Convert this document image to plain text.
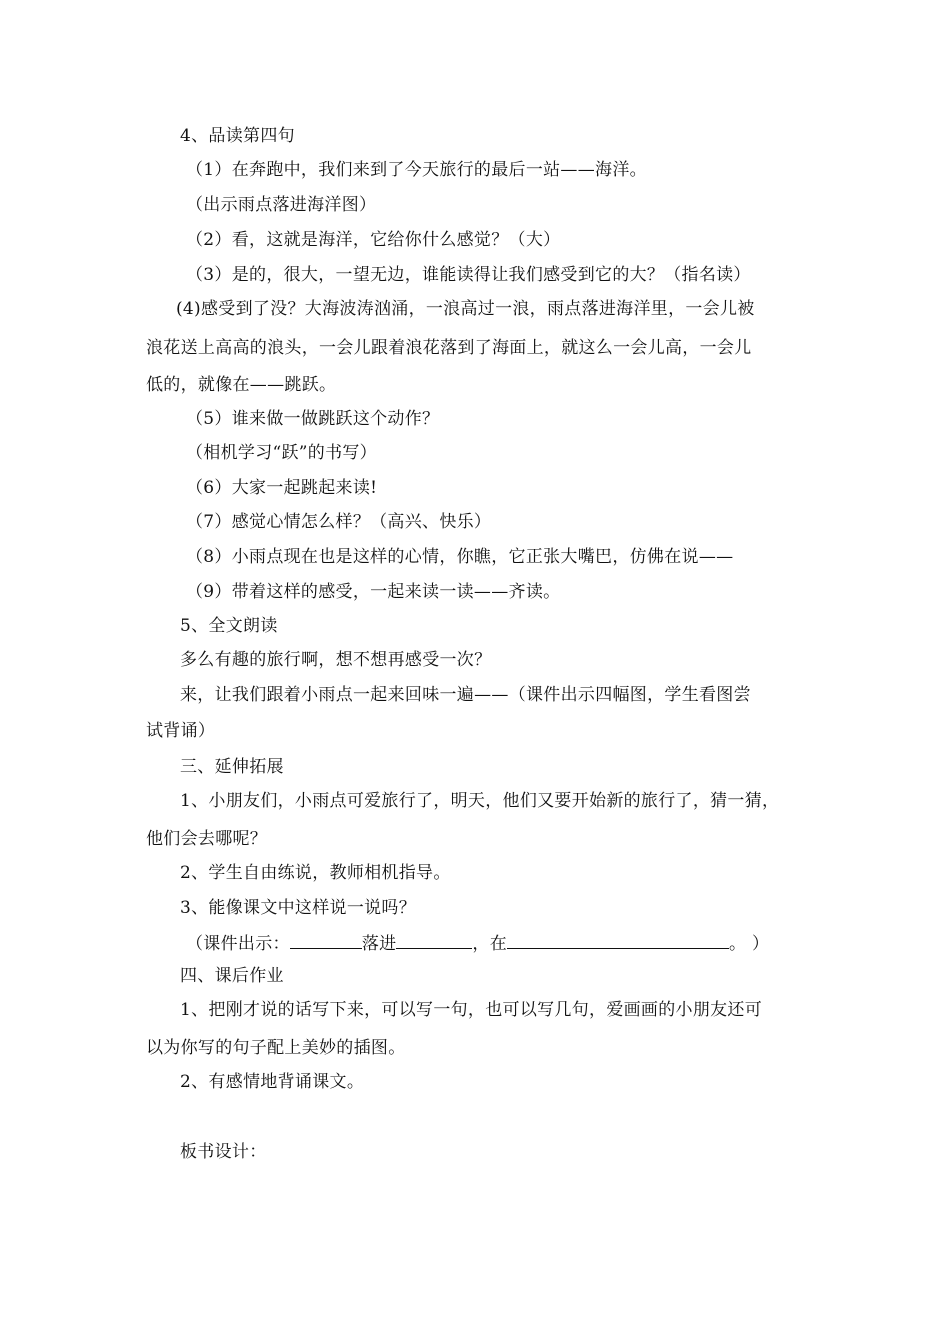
4、品读第四句
（1）在奔跑中，我们来到了今天旅行的最后一站——海洋。
（出示雨点落进海洋图）
（2）看，这就是海洋，它给你什么感觉？（大）
（3）是的，很大，一望无边，谁能读得让我们感受到它的大？（指名读）
(4)感受到了没？大海波涛汹涌，一浪高过一浪，雨点落进海洋里，一会儿被
浪花送上高高的浪头，一会儿跟着浪花落到了海面上，就这么一会儿高，一会儿
低的，就像在——跳跃。
（5）谁来做一做跳跃这个动作？
（相机学习“跃”的书写）
（6）大家一起跳起来读!
（7）感觉心情怎么样？（高兴、快乐）
（8）小雨点现在也是这样的心情，你瞧，它正张大嘴巴，仿佛在说——
（9）带着这样的感受，一起来读一读——齐读。
5、全文朗读
多么有趣的旅行啊，想不想再感受一次？
来，让我们跟着小雨点一起来回味一遍——（课件出示四幅图，学生看图尝
试背诵）
三、延伸拓展
1、小朋友们，小雨点可爱旅行了，明天，他们又要开始新的旅行了，猜一猜，
他们会去哪呢？
2、学生自由练说，教师相机指导。
3、能像课文中这样说一说吗？
（课件出示：	落进	，在	。 ）
四、课后作业
1、把刚才说的话写下来，可以写一句，也可以写几句，爱画画的小朋友还可
以为你写的句子配上美妙的插图。
2、有感情地背诵课文。
板书设计：
